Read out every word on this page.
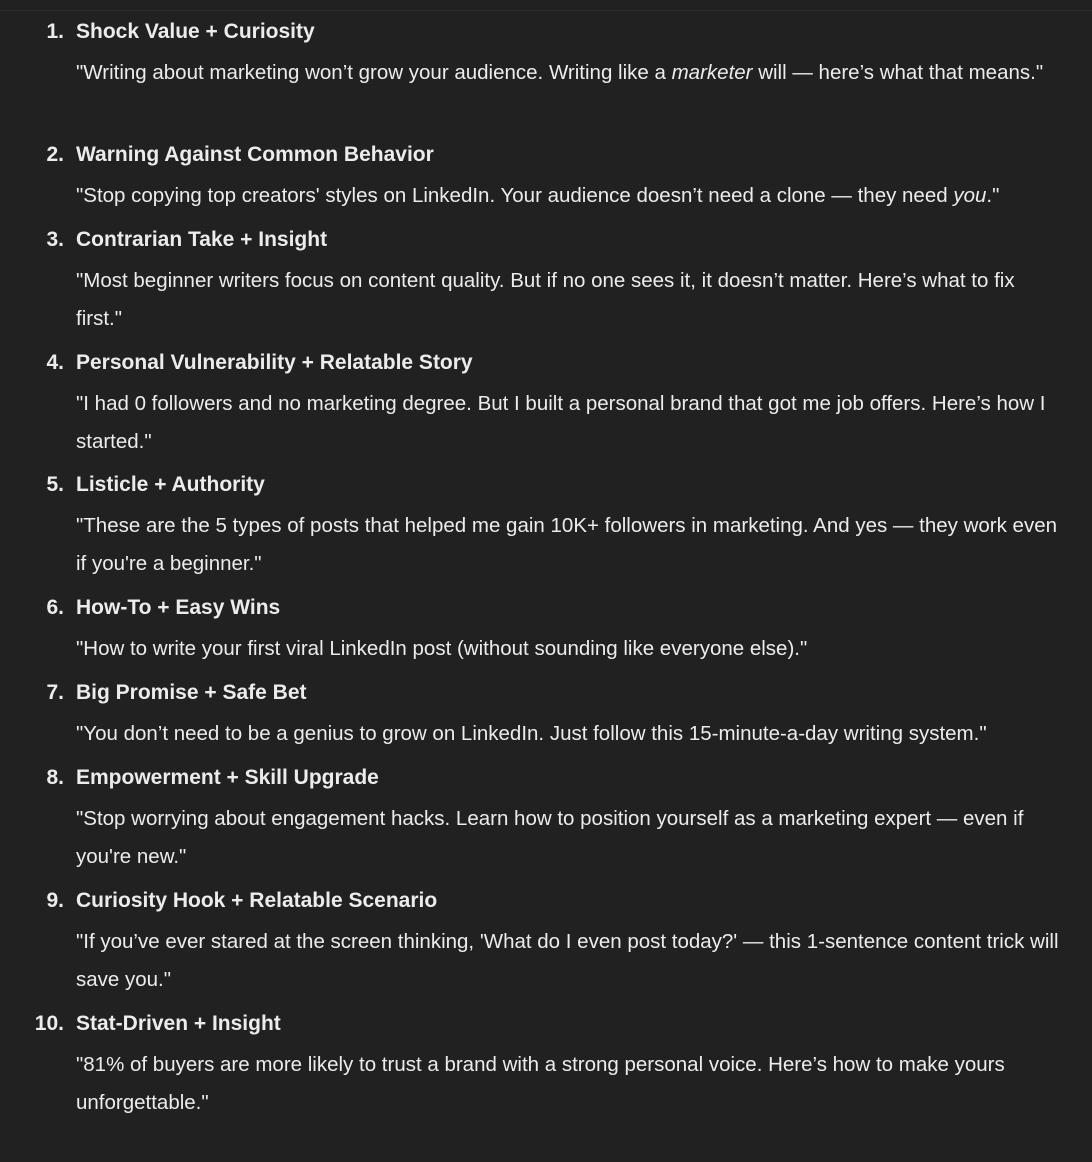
1. Shock Value + Curiosity

"Writing about marketing won’t grow your audience. Writing like a marketer will — here’s what that means."

2. Warning Against Common Behavior

"Stop copying top creators' styles on LinkedIn. Your audience doesn’t need a clone — they need you."

3. Contrarian Take + Insight

"Most beginner writers focus on content quality. But if no one sees it, it doesn’t matter. Here’s what to fix first."

4. Personal Vulnerability + Relatable Story

"I had 0 followers and no marketing degree. But I built a personal brand that got me job offers. Here’s how I started."

5. Listicle + Authority

"These are the 5 types of posts that helped me gain 10K+ followers in marketing. And yes — they work even if you're a beginner."

6. How-To + Easy Wins

"How to write your first viral LinkedIn post (without sounding like everyone else)."

7. Big Promise + Safe Bet

"You don’t need to be a genius to grow on LinkedIn. Just follow this 15-minute-a-day writing system."

8. Empowerment + Skill Upgrade

"Stop worrying about engagement hacks. Learn how to position yourself as a marketing expert — even if you're new."

9. Curiosity Hook + Relatable Scenario

"If you’ve ever stared at the screen thinking, 'What do I even post today?' — this 1-sentence content trick will save you."

10. Stat-Driven + Insight

"81% of buyers are more likely to trust a brand with a strong personal voice. Here’s how to make yours unforgettable."
